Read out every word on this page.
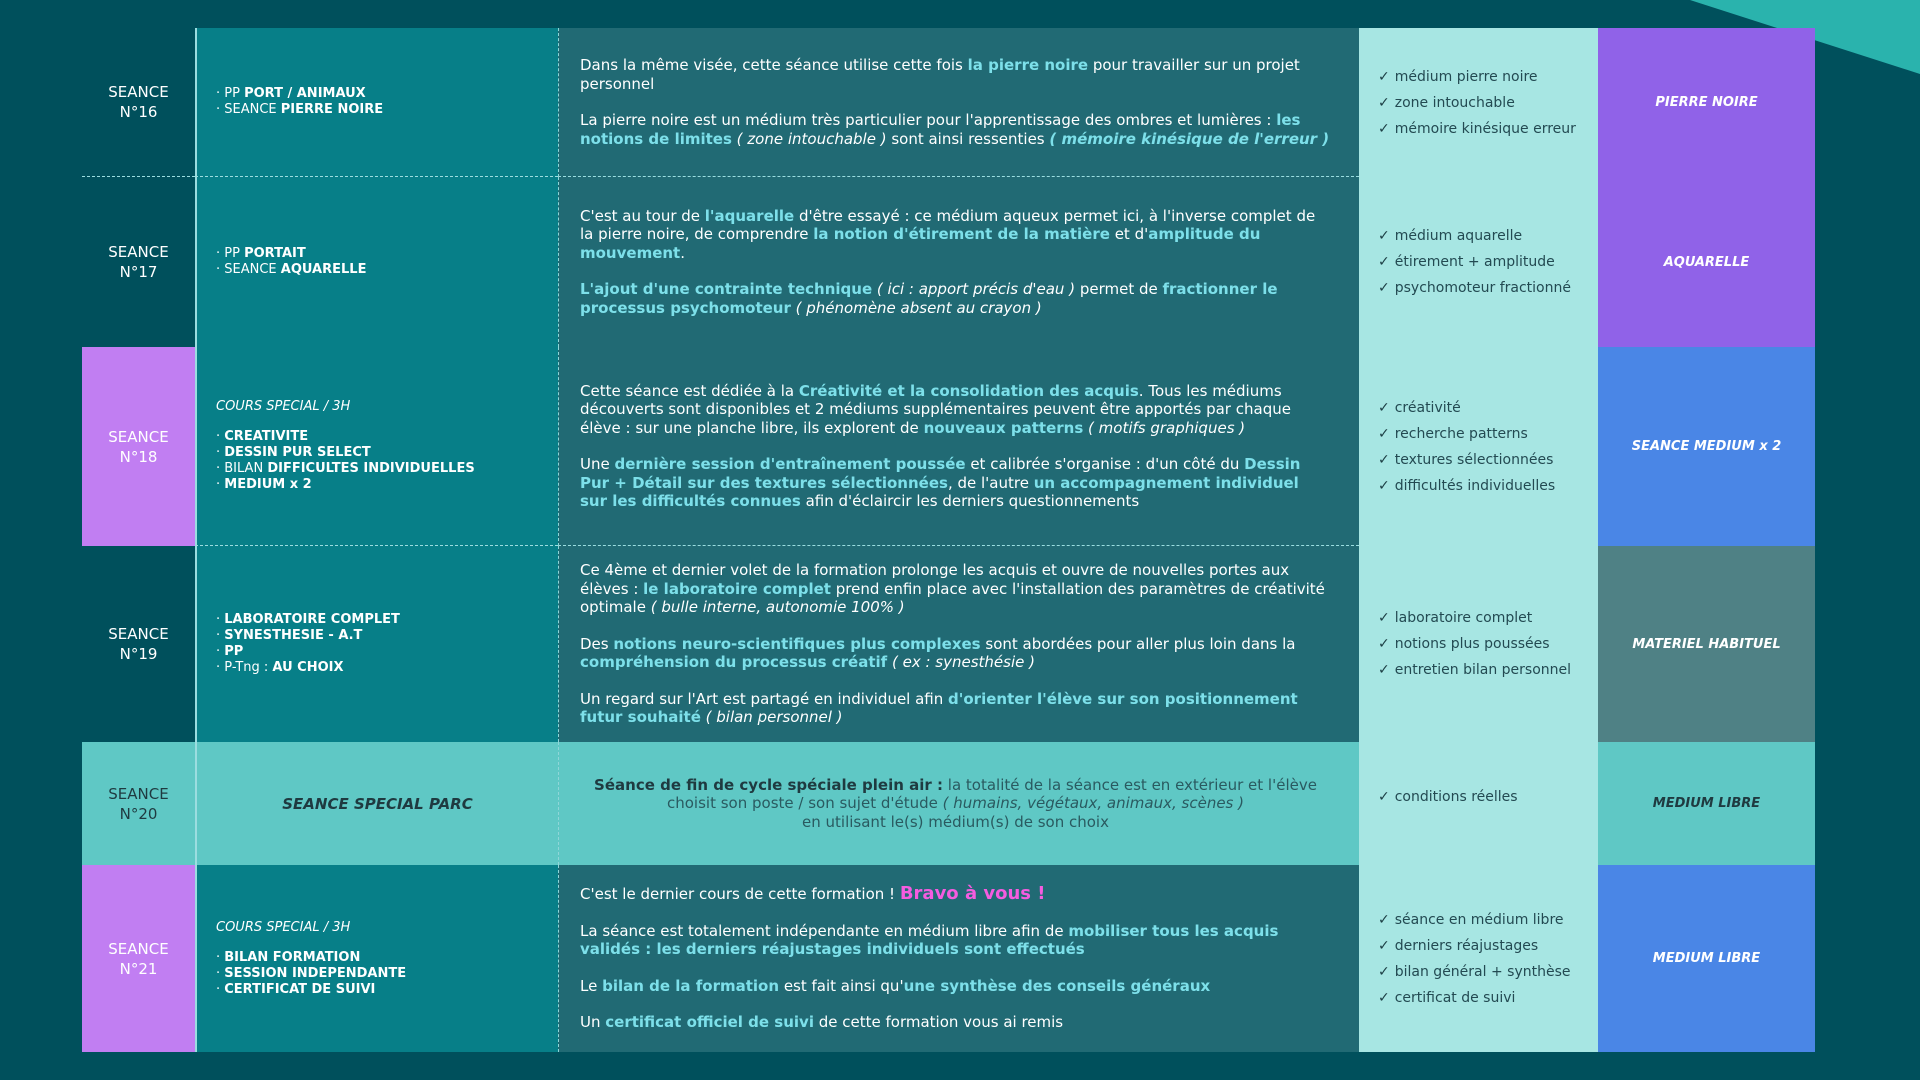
SEANCE
N°16
· PP PORT / ANIMAUX
· SEANCE PIERRE NOIRE

Dans la même visée, cette séance utilise cette fois la pierre noire pour travailler sur un projet personnel

La pierre noire est un médium très particulier pour l'apprentissage des ombres et lumières : les notions de limites ( zone intouchable ) sont ainsi ressenties ( mémoire kinésique de l'erreur )

✓ médium pierre noire
✓ zone intouchable
✓ mémoire kinésique erreur
PIERRE NOIRE
SEANCE
N°17
· PP PORTAIT
· SEANCE AQUARELLE

C'est au tour de l'aquarelle d'être essayé : ce médium aqueux permet ici, à l'inverse complet de la pierre noire, de comprendre la notion d'étirement de la matière et d'amplitude du mouvement.

L'ajout d'une contrainte technique ( ici : apport précis d'eau ) permet de fractionner le processus psychomoteur ( phénomène absent au crayon )

✓ médium aquarelle
✓ étirement + amplitude
✓ psychomoteur fractionné
AQUARELLE
SEANCE
N°18
COURS SPECIAL / 3H
· CREATIVITE
· DESSIN PUR SELECT
· BILAN DIFFICULTES INDIVIDUELLES
· MEDIUM x 2

Cette séance est dédiée à la Créativité et la consolidation des acquis. Tous les médiums découverts sont disponibles et 2 médiums supplémentaires peuvent être apportés par chaque élève : sur une planche libre, ils explorent de nouveaux patterns ( motifs graphiques )

Une dernière session d'entraînement poussée et calibrée s'organise : d'un côté du Dessin Pur + Détail sur des textures sélectionnées, de l'autre un accompagnement individuel sur les difficultés connues afin d'éclaircir les derniers questionnements

✓ créativité
✓ recherche patterns
✓ textures sélectionnées
✓ difficultés individuelles
SEANCE MEDIUM x 2
SEANCE
N°19
· LABORATOIRE COMPLET
· SYNESTHESIE - A.T
· PP
· P-Tng : AU CHOIX

Ce 4ème et dernier volet de la formation prolonge les acquis et ouvre de nouvelles portes aux élèves : le laboratoire complet prend enfin place avec l'installation des paramètres de créativité optimale ( bulle interne, autonomie 100% )

Des notions neuro-scientifiques plus complexes sont abordées pour aller plus loin dans la compréhension du processus créatif ( ex : synesthésie )

Un regard sur l'Art est partagé en individuel afin d'orienter l'élève sur son positionnement futur souhaité ( bilan personnel )

✓ laboratoire complet
✓ notions plus poussées
✓ entretien bilan personnel
MATERIEL HABITUEL
SEANCE
N°20
SEANCE SPECIAL PARC

Séance de fin de cycle spéciale plein air : la totalité de la séance est en extérieur et l'élève choisit son poste / son sujet d'étude ( humains, végétaux, animaux, scènes )
en utilisant le(s) médium(s) de son choix

✓ conditions réelles	MEDIUM LIBRE
SEANCE
N°21
COURS SPECIAL / 3H
· BILAN FORMATION
· SESSION INDEPENDANTE
· CERTIFICAT DE SUIVI

C'est le dernier cours de cette formation ! Bravo à vous !

La séance est totalement indépendante en médium libre afin de mobiliser tous les acquis validés : les derniers réajustages individuels sont effectués

Le bilan de la formation est fait ainsi qu'une synthèse des conseils généraux

Un certificat officiel de suivi de cette formation vous ai remis

✓ séance en médium libre
✓ derniers réajustages
✓ bilan général + synthèse
✓ certificat de suivi
MEDIUM LIBRE
